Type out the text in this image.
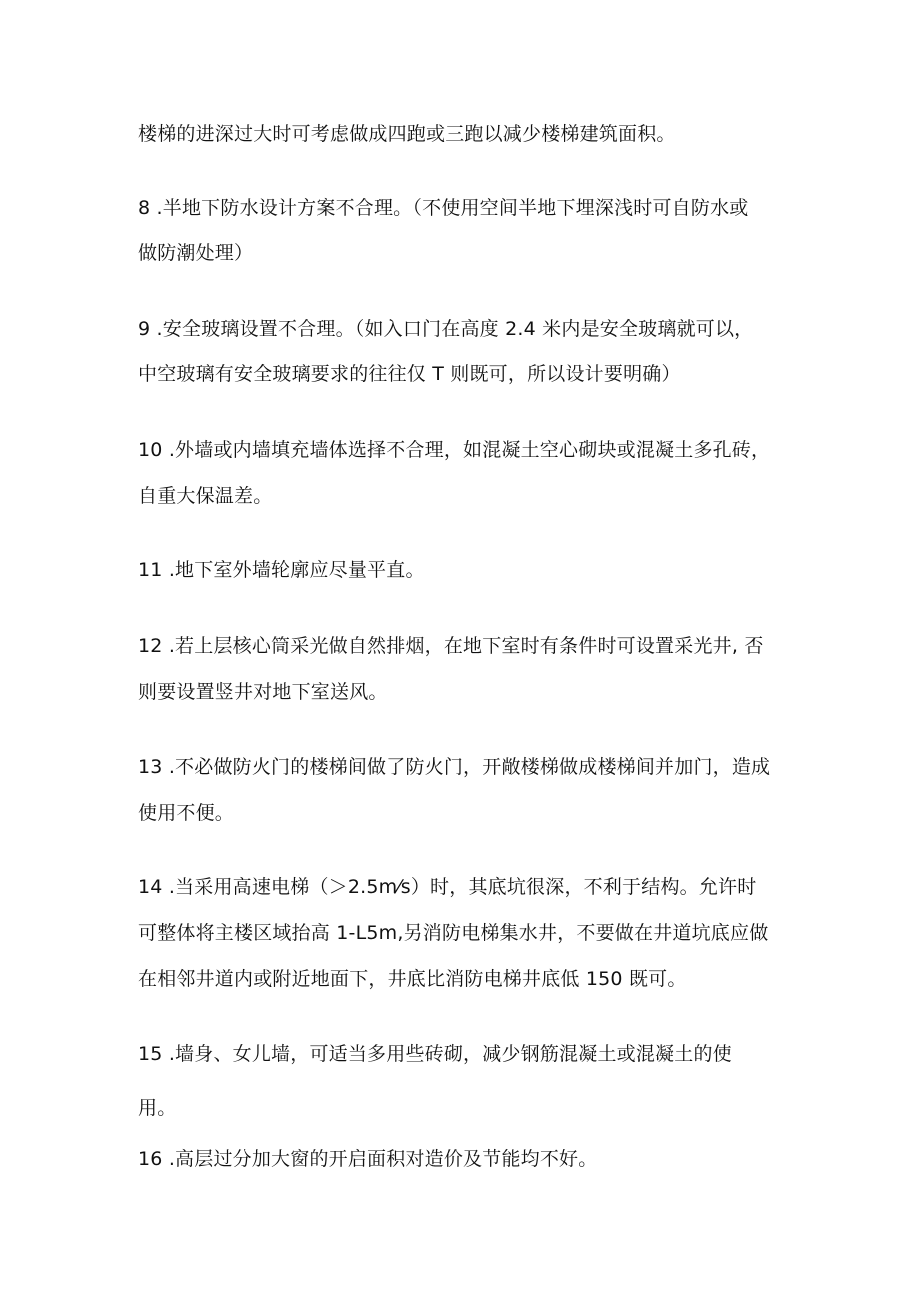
楼梯的进深过大时可考虑做成四跑或三跑以减少楼梯建筑面积。
8 .半地下防水设计方案不合理。（不使用空间半地下埋深浅时可自防水或
做防潮处理）
9 .安全玻璃设置不合理。（如入口门在高度 2.4 米内是安全玻璃就可以，
中空玻璃有安全玻璃要求的往往仅 T 则既可，所以设计要明确）
10 .外墙或内墙填充墙体选择不合理，如混凝土空心砌块或混凝土多孔砖，
自重大保温差。
11 .地下室外墙轮廓应尽量平直。
12 .若上层核心筒采光做自然排烟，在地下室时有条件时可设置采光井, 否
则要设置竖井对地下室送风。
13 .不必做防火门的楼梯间做了防火门，开敞楼梯做成楼梯间并加门，造成
使用不便。
14 .当采用高速电梯（＞2.5m⁄s）时，其底坑很深，不利于结构。允许时
可整体将主楼区域抬高 1-L5m,另消防电梯集水井，不要做在井道坑底应做
在相邻井道内或附近地面下，井底比消防电梯井底低 150 既可。
15 .墙身、女儿墙，可适当多用些砖砌，减少钢筋混凝土或混凝土的使
用。
16 .高层过分加大窗的开启面积对造价及节能均不好。
